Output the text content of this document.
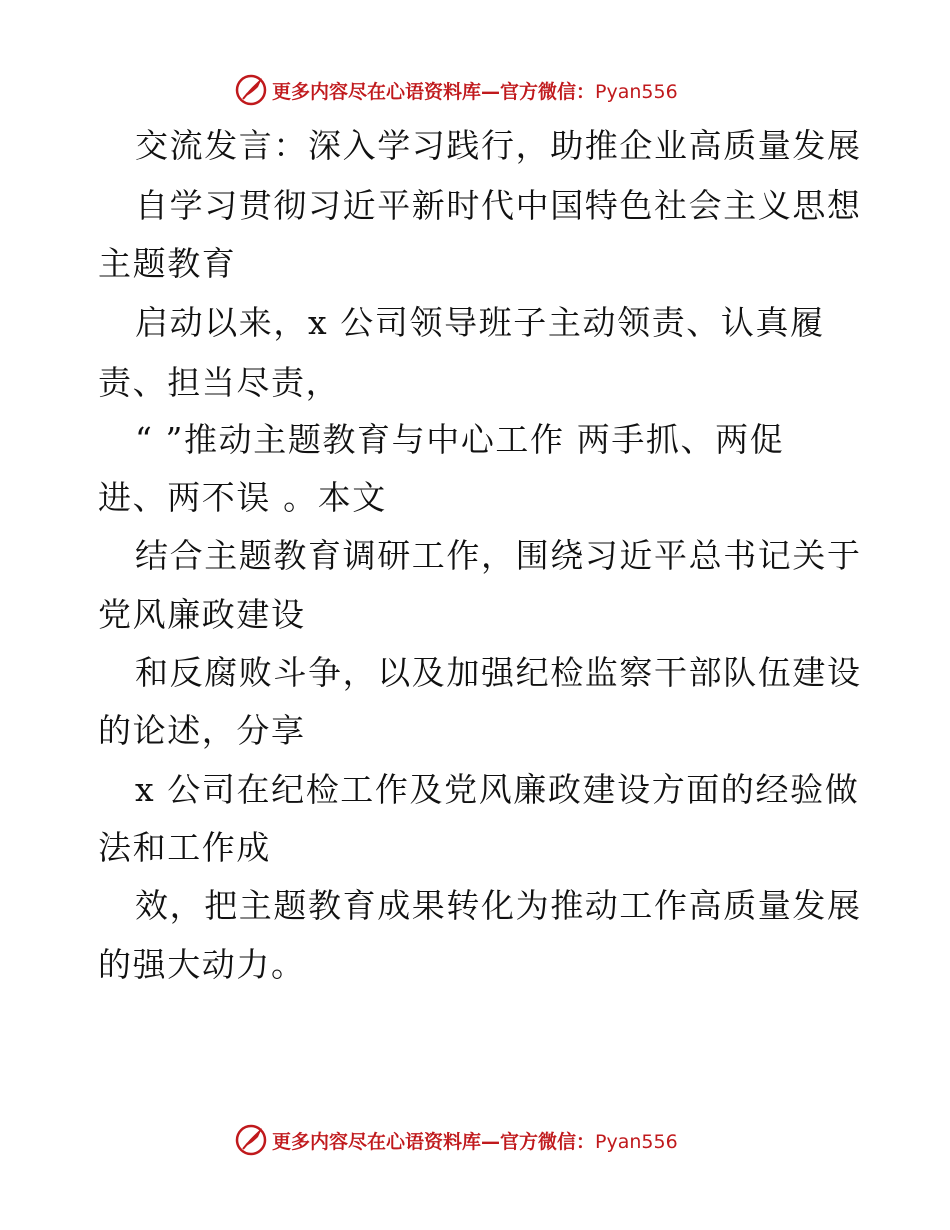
更多内容尽在心语资料库—官方微信：Pyan556
交流发言：深入学习践行，助推企业高质量发展
自学习贯彻习近平新时代中国特色社会主义思想
主题教育
启动以来，x 公司领导班子主动领责、认真履
责、担当尽责，
“ ”推动主题教育与中心工作 两手抓、两促
进、两不误 。本文
结合主题教育调研工作，围绕习近平总书记关于
党风廉政建设
和反腐败斗争，以及加强纪检监察干部队伍建设
的论述，分享
x 公司在纪检工作及党风廉政建设方面的经验做
法和工作成
效，把主题教育成果转化为推动工作高质量发展
的强大动力。
更多内容尽在心语资料库—官方微信：Pyan556
